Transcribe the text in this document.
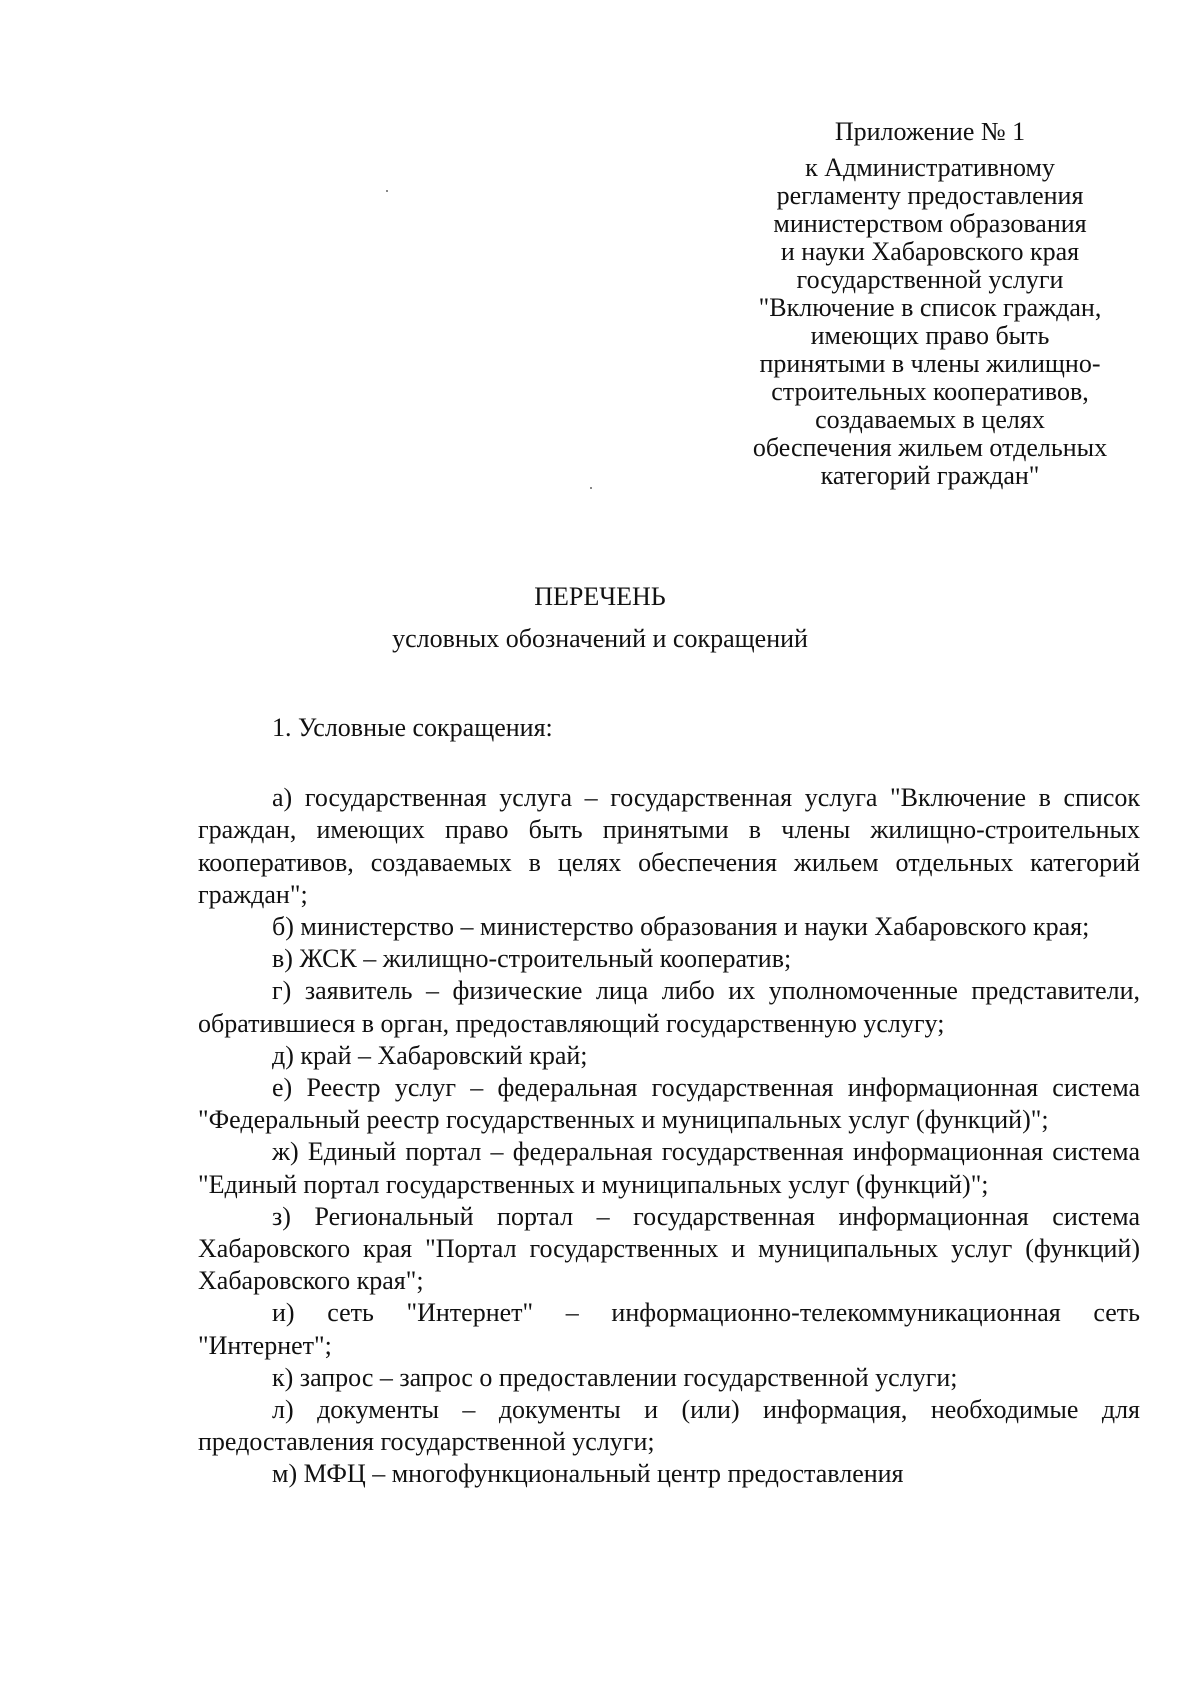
Приложение № 1
к Административному
регламенту предоставления
министерством образования
и науки Хабаровского края
государственной услуги
"Включение в список граждан,
имеющих право быть
принятыми в члены жилищно-
строительных кооперативов,
создаваемых в целях
обеспечения жильем отдельных
категорий граждан"
ПЕРЕЧЕНЬ
условных обозначений и сокращений
1. Условные сокращения:

а) государственная услуга – государственная услуга "Включение в список граждан, имеющих право быть принятыми в члены жилищно-строительных кооперативов, создаваемых в целях обеспечения жильем отдельных категорий граждан";

б) министерство – министерство образования и науки Хабаровского края;

в) ЖСК – жилищно-строительный кооператив;

г) заявитель – физические лица либо их уполномоченные представители, обратившиеся в орган, предоставляющий государственную услугу;

д) край – Хабаровский край;

е) Реестр услуг – федеральная государственная информационная система "Федеральный реестр государственных и муниципальных услуг (функций)";

ж) Единый портал – федеральная государственная информационная система "Единый портал государственных и муниципальных услуг (функций)";

з) Региональный портал – государственная информационная система Хабаровского края "Портал государственных и муниципальных услуг (функций) Хабаровского края";

и) сеть "Интернет" – информационно-телекоммуникационная сеть "Интернет";

к) запрос – запрос о предоставлении государственной услуги;

л) документы – документы и (или) информация, необходимые для предоставления государственной услуги;

м) МФЦ – многофункциональный центр предоставления
